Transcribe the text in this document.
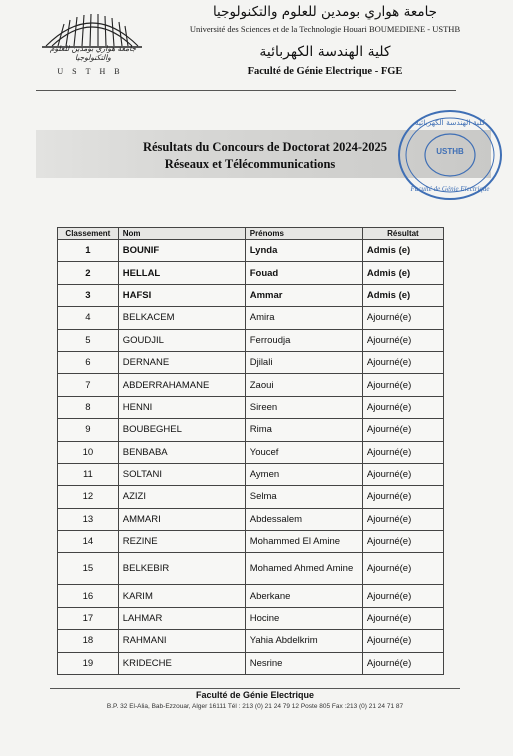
جامعة هواري بومدين للعلوم والتكنولوجيا
USTHB
جامعة هواري بومدين للعلوم والتكنولوجيا
Université des Sciences et de la Technologie Houari BOUMEDIENE - USTHB
كلية الهندسة الكهربائية
Faculté de Génie Electrique - FGE
Résultats du Concours de Doctorat 2024-2025
Réseaux et Télécommunications
كلية الهندسة الكهربائية
USTHB
Faculté de Génie Electrique
Classement	Nom	Prénoms	Résultat
1	BOUNIF	Lynda	Admis (e)
2	HELLAL	Fouad	Admis (e)
3	HAFSI	Ammar	Admis (e)
4	BELKACEM	Amira	Ajourné(e)
5	GOUDJIL	Ferroudja	Ajourné(e)
6	DERNANE	Djilali	Ajourné(e)
7	ABDERRAHAMANE	Zaoui	Ajourné(e)
8	HENNI	Sireen	Ajourné(e)
9	BOUBEGHEL	Rima	Ajourné(e)
10	BENBABA	Youcef	Ajourné(e)
11	SOLTANI	Aymen	Ajourné(e)
12	AZIZI	Selma	Ajourné(e)
13	AMMARI	Abdessalem	Ajourné(e)
14	REZINE	Mohammed El Amine	Ajourné(e)
15	BELKEBIR	Mohamed Ahmed Amine	Ajourné(e)
16	KARIM	Aberkane	Ajourné(e)
17	LAHMAR	Hocine	Ajourné(e)
18	RAHMANI	Yahia Abdelkrim	Ajourné(e)
19	KRIDECHE	Nesrine	Ajourné(e)
Faculté de Génie Electrique
B.P. 32 El-Alia, Bab-Ezzouar, Alger 16111 Tél : 213 (0) 21 24 79 12 Poste 805 Fax :213 (0) 21 24 71 87
